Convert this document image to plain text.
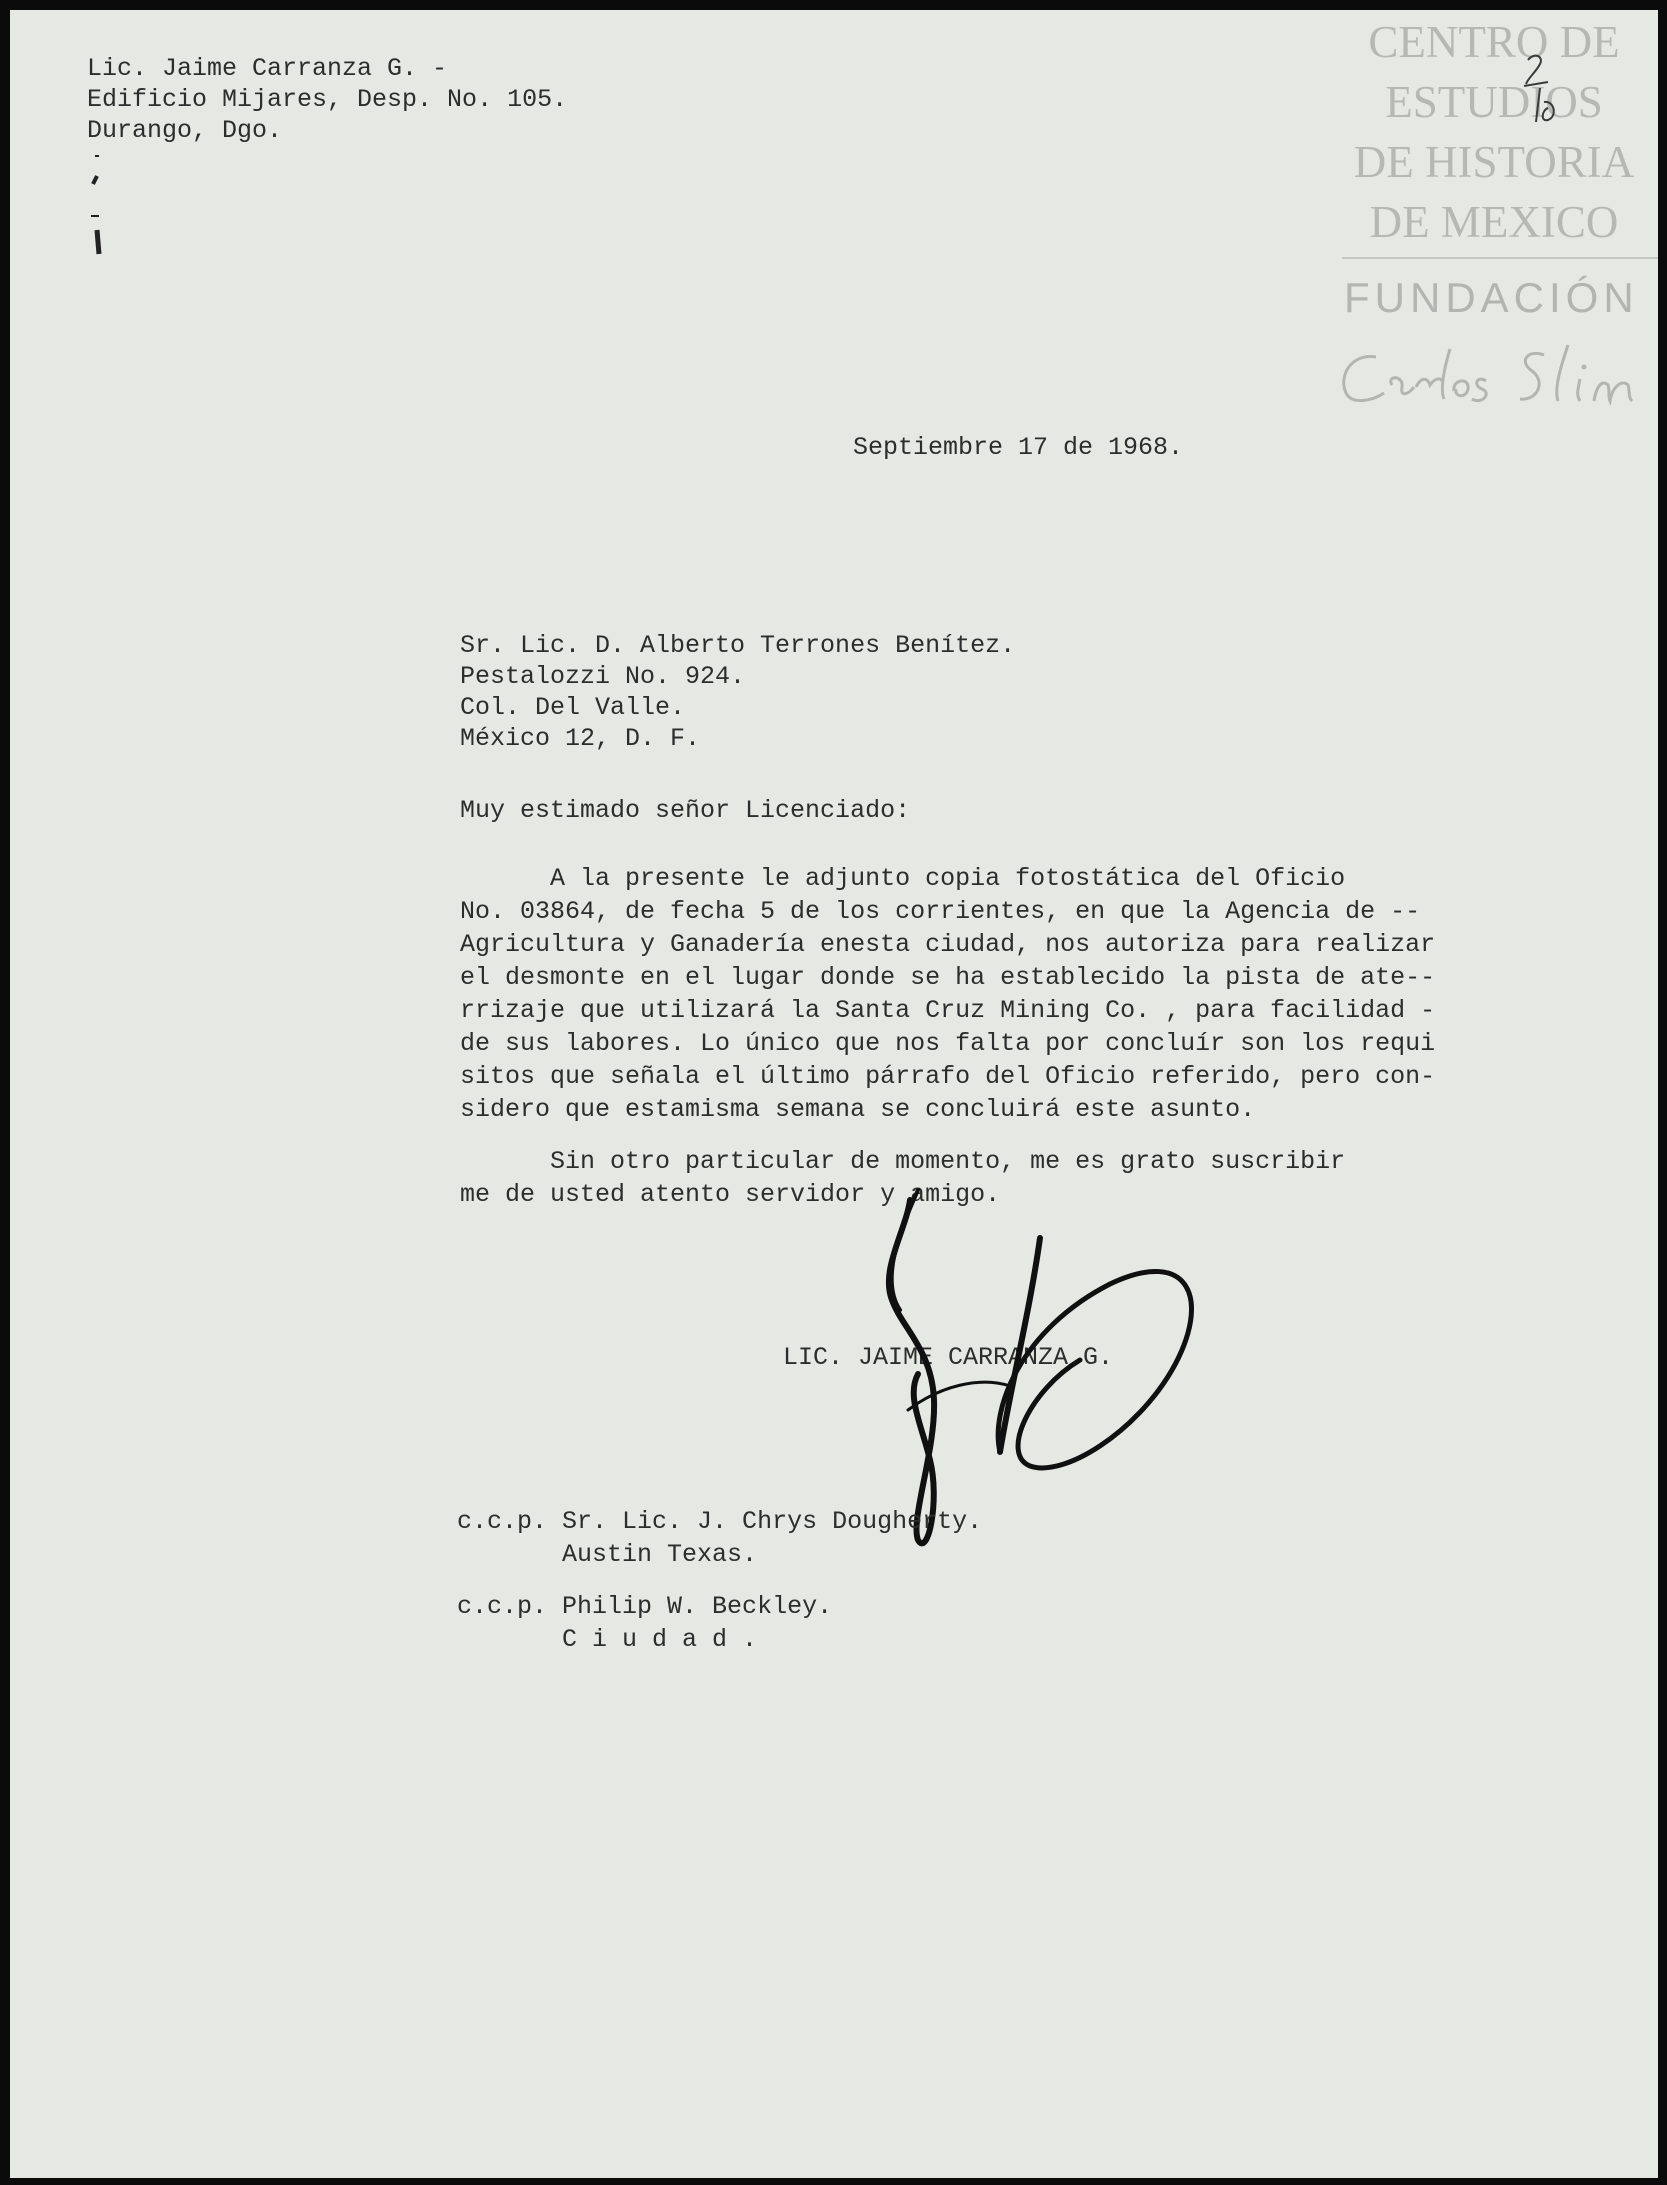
CENTRO DE
ESTUDIOS
DE HISTORIA
DE MEXICO
FUNDACIÓN
Lic. Jaime Carranza G. -
Edificio Mijares, Desp. No. 105.
Durango, Dgo.
Septiembre 17 de 1968.
Sr. Lic. D. Alberto Terrones Benítez.
Pestalozzi No. 924.
Col. Del Valle.
México 12, D. F.
Muy estimado señor Licenciado:
A la presente le adjunto copia fotostática del Oficio
No. 03864, de fecha 5 de los corrientes, en que la Agencia de --
Agricultura y Ganadería enesta ciudad, nos autoriza para realizar
el desmonte en el lugar donde se ha establecido la pista de ate--
rrizaje que utilizará la Santa Cruz Mining Co. , para facilidad -
de sus labores. Lo único que nos falta por concluír son los requi
sitos que señala el último párrafo del Oficio referido, pero con-
sidero que estamisma semana se concluirá este asunto.
Sin otro particular de momento, me es grato suscribir
me de usted atento servidor y amigo.
LIC. JAIME CARRANZA G.
c.c.p. Sr. Lic. J. Chrys Dougherty.
Austin Texas.
c.c.p. Philip W. Beckley.
C i u d a d .
